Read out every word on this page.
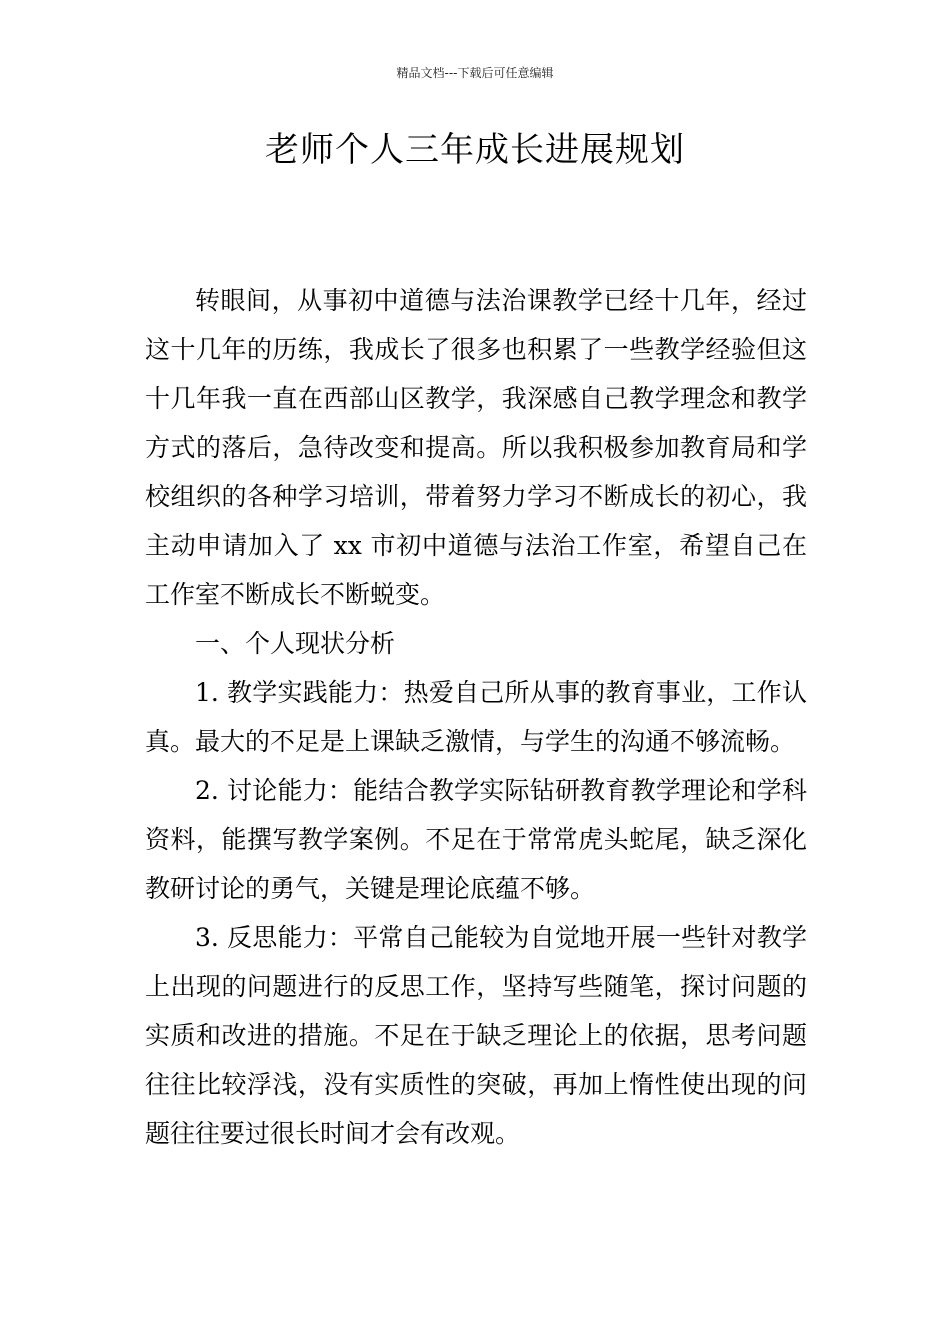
精品文档---下载后可任意编辑
老师个人三年成长进展规划

转眼间，从事初中道德与法治课教学已经十几年，经过这十几年的历练，我成长了很多也积累了一些教学经验但这十几年我一直在西部山区教学，我深感自己教学理念和教学方式的落后，急待改变和提高。所以我积极参加教育局和学校组织的各种学习培训，带着努力学习不断成长的初心，我主动申请加入了 xx 市初中道德与法治工作室，希望自己在工作室不断成长不断蜕变。

一、个人现状分析

1. 教学实践能力：热爱自己所从事的教育事业，工作认真。最大的不足是上课缺乏激情，与学生的沟通不够流畅。

2. 讨论能力：能结合教学实际钻研教育教学理论和学科资料，能撰写教学案例。不足在于常常虎头蛇尾，缺乏深化教研讨论的勇气，关键是理论底蕴不够。

3. 反思能力：平常自己能较为自觉地开展一些针对教学上出现的问题进行的反思工作，坚持写些随笔，探讨问题的实质和改进的措施。不足在于缺乏理论上的依据，思考问题往往比较浮浅，没有实质性的突破，再加上惰性使出现的问题往往要过很长时间才会有改观。
